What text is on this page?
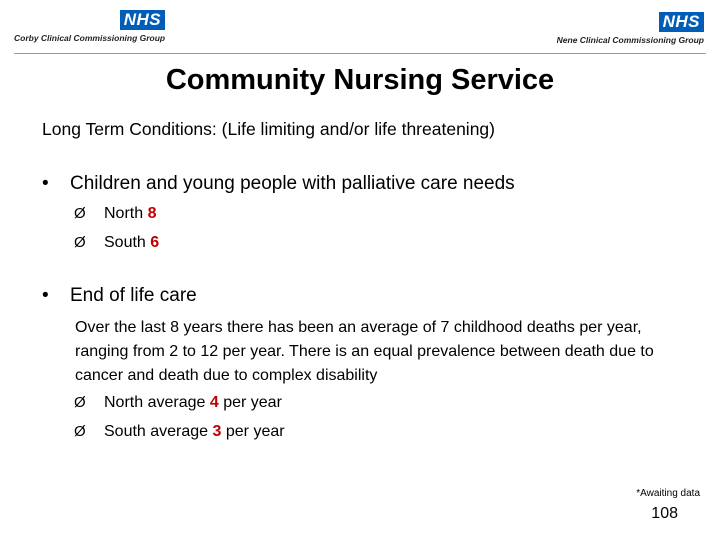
NHS
Corby Clinical Commissioning Group
NHS
Nene Clinical Commissioning Group
Community Nursing Service
Long Term Conditions: (Life limiting and/or life threatening)
• Children and young people with palliative care needs
Ø North 8
Ø South 6
• End of life care
Over the last 8 years there has been an average of 7 childhood deaths per year, ranging from 2 to 12 per year. There is an equal prevalence between death due to cancer and death due to complex disability
Ø North average 4 per year
Ø South average 3 per year
*Awaiting data
108
